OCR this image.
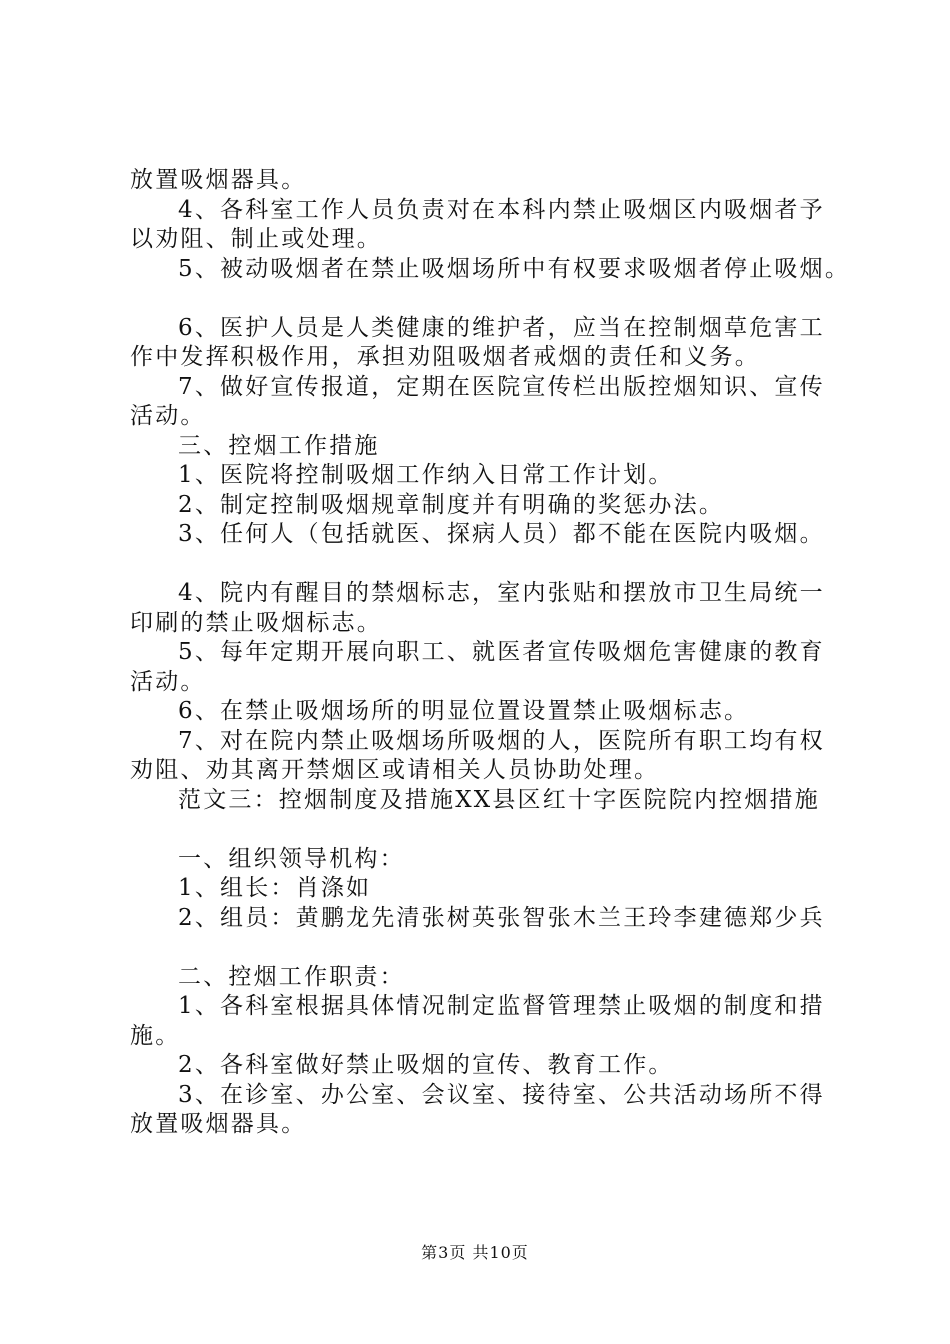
放置吸烟器具。
4、各科室工作人员负责对在本科内禁止吸烟区内吸烟者予
以劝阻、制止或处理。
5、被动吸烟者在禁止吸烟场所中有权要求吸烟者停止吸烟。
6、医护人员是人类健康的维护者，应当在控制烟草危害工
作中发挥积极作用，承担劝阻吸烟者戒烟的责任和义务。
7、做好宣传报道，定期在医院宣传栏出版控烟知识、宣传
活动。
三、控烟工作措施
1、医院将控制吸烟工作纳入日常工作计划。
2、制定控制吸烟规章制度并有明确的奖惩办法。
3、任何人（包括就医、探病人员）都不能在医院内吸烟。
4、院内有醒目的禁烟标志，室内张贴和摆放市卫生局统一
印刷的禁止吸烟标志。
5、每年定期开展向职工、就医者宣传吸烟危害健康的教育
活动。
6、在禁止吸烟场所的明显位置设置禁止吸烟标志。
7、对在院内禁止吸烟场所吸烟的人，医院所有职工均有权
劝阻、劝其离开禁烟区或请相关人员协助处理。
范文三：控烟制度及措施XX县区红十字医院院内控烟措施
一、组织领导机构：
1、组长：肖涤如
2、组员：黄鹏龙先清张树英张智张木兰王玲李建德郑少兵
二、控烟工作职责：
1、各科室根据具体情况制定监督管理禁止吸烟的制度和措
施。
2、各科室做好禁止吸烟的宣传、教育工作。
3、在诊室、办公室、会议室、接待室、公共活动场所不得
放置吸烟器具。
第3页 共10页
